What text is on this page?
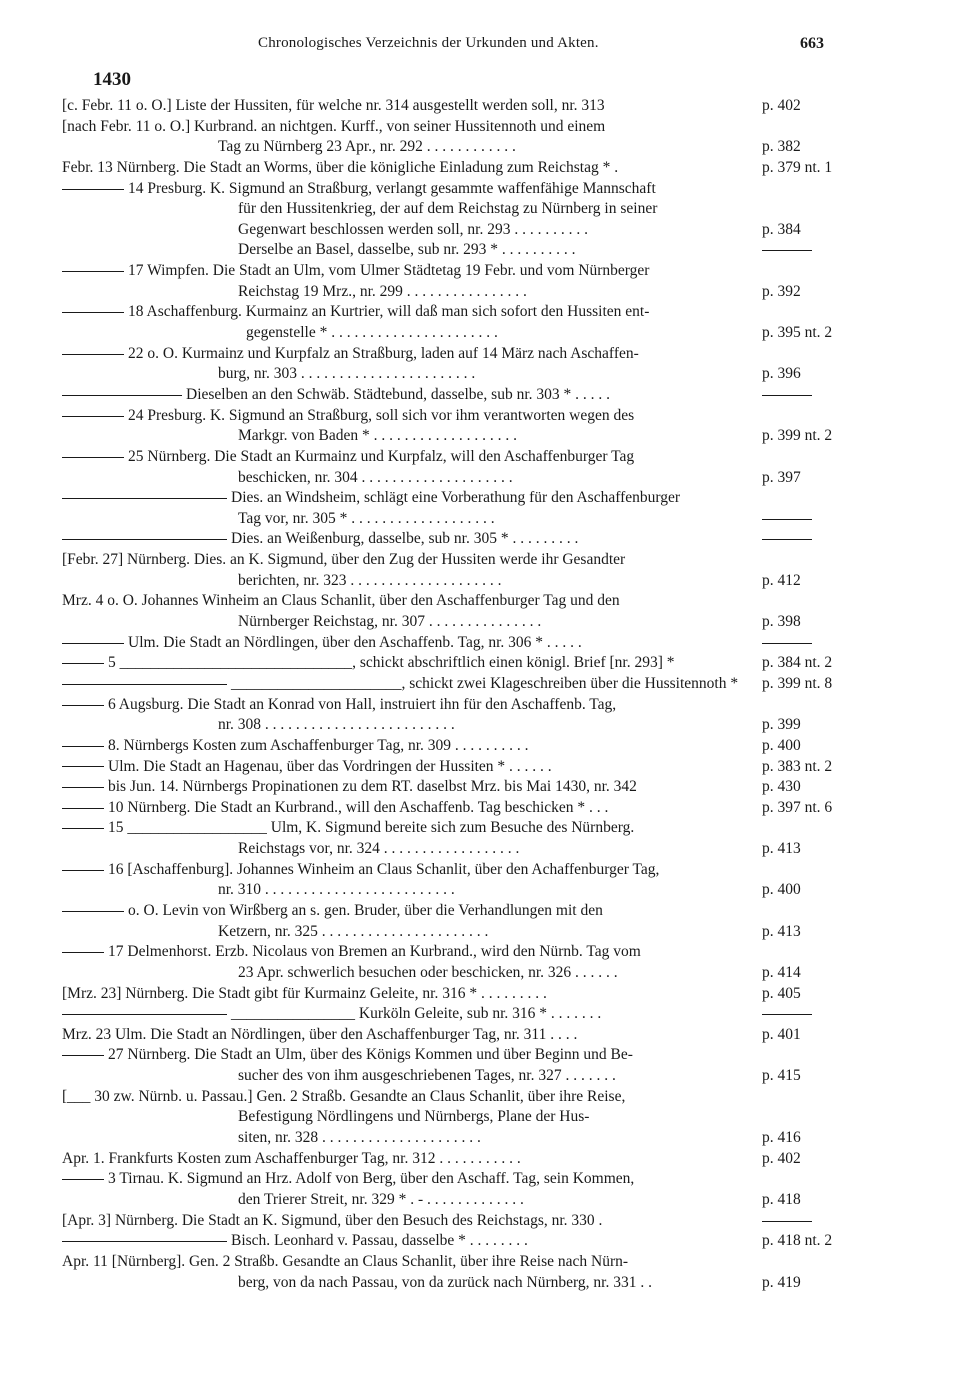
Chronologisches Verzeichnis der Urkunden und Akten.	663
1430
[c. Febr. 11 o. O.] Liste der Hussiten, für welche nr. 314 ausgestellt werden soll, nr. 313	p. 402
[nach Febr. 11 o. O.] Kurbrand. an nichtgen. Kurff., von seiner Hussitennoth und einem
Tag zu Nürnberg 23 Apr., nr. 292 . . . . . . . . . . . .	p. 382
Febr. 13 Nürnberg. Die Stadt an Worms, über die königliche Einladung zum Reichstag * .	p. 379 nt. 1
14 Presburg. K. Sigmund an Straßburg, verlangt gesammte waffenfähige Mannschaft
für den Hussitenkrieg, der auf dem Reichstag zu Nürnberg in seiner
Gegenwart beschlossen werden soll, nr. 293 . . . . . . . . . .	p. 384
Derselbe an Basel, dasselbe, sub nr. 293 * . . . . . . . . . .
17 Wimpfen. Die Stadt an Ulm, vom Ulmer Städtetag 19 Febr. und vom Nürnberger
Reichstag 19 Mrz., nr. 299 . . . . . . . . . . . . . . . .	p. 392
18 Aschaffenburg. Kurmainz an Kurtrier, will daß man sich sofort den Hussiten ent-
gegenstelle * . . . . . . . . . . . . . . . . . . . . . .	p. 395 nt. 2
22 o. O. Kurmainz und Kurpfalz an Straßburg, laden auf 14 März nach Aschaffen-
burg, nr. 303 . . . . . . . . . . . . . . . . . . . . . . .	p. 396
Dieselben an den Schwäb. Städtebund, dasselbe, sub nr. 303 * . . . . .
24 Presburg. K. Sigmund an Straßburg, soll sich vor ihm verantworten wegen des
Markgr. von Baden * . . . . . . . . . . . . . . . . . . .	p. 399 nt. 2
25 Nürnberg. Die Stadt an Kurmainz und Kurpfalz, will den Aschaffenburger Tag
beschicken, nr. 304 . . . . . . . . . . . . . . . . . . . .	p. 397
Dies. an Windsheim, schlägt eine Vorberathung für den Aschaffenburger
Tag vor, nr. 305 * . . . . . . . . . . . . . . . . . . .
Dies. an Weißenburg, dasselbe, sub nr. 305 * . . . . . . . . .
[Febr. 27] Nürnberg. Dies. an K. Sigmund, über den Zug der Hussiten werde ihr Gesandter
berichten, nr. 323 . . . . . . . . . . . . . . . . . . . .	p. 412
Mrz. 4 o. O. Johannes Winheim an Claus Schanlit, über den Aschaffenburger Tag und den
Nürnberger Reichstag, nr. 307 . . . . . . . . . . . . . . .	p. 398
Ulm. Die Stadt an Nördlingen, über den Aschaffenb. Tag, nr. 306 * . . . . .
5 ______________________________, schickt abschriftlich einen königl. Brief [nr. 293] *	p. 384 nt. 2
______________________, schickt zwei Klageschreiben über die Hussitennoth *	p. 399 nt. 8
6 Augsburg. Die Stadt an Konrad von Hall, instruiert ihn für den Aschaffenb. Tag,
nr. 308 . . . . . . . . . . . . . . . . . . . . . . . . .	p. 399
8. Nürnbergs Kosten zum Aschaffenburger Tag, nr. 309 . . . . . . . . . .	p. 400
Ulm. Die Stadt an Hagenau, über das Vordringen der Hussiten * . . . . . .	p. 383 nt. 2
bis Jun. 14. Nürnbergs Propinationen zu dem RT. daselbst Mrz. bis Mai 1430, nr. 342	p. 430
10 Nürnberg. Die Stadt an Kurbrand., will den Aschaffenb. Tag beschicken * . . .	p. 397 nt. 6
15 __________________ Ulm, K. Sigmund bereite sich zum Besuche des Nürnberg.
Reichstags vor, nr. 324 . . . . . . . . . . . . . . . . . .	p. 413
16 [Aschaffenburg]. Johannes Winheim an Claus Schanlit, über den Achaffenburger Tag,
nr. 310 . . . . . . . . . . . . . . . . . . . . . . . . .	p. 400
o. O. Levin von Wirßberg an s. gen. Bruder, über die Verhandlungen mit den
Ketzern, nr. 325 . . . . . . . . . . . . . . . . . . . . . .	p. 413
17 Delmenhorst. Erzb. Nicolaus von Bremen an Kurbrand., wird den Nürnb. Tag vom
23 Apr. schwerlich besuchen oder beschicken, nr. 326 . . . . . .	p. 414
[Mrz. 23] Nürnberg. Die Stadt gibt für Kurmainz Geleite, nr. 316 * . . . . . . . . .	p. 405
________________ Kurköln Geleite, sub nr. 316 * . . . . . . .
Mrz. 23 Ulm. Die Stadt an Nördlingen, über den Aschaffenburger Tag, nr. 311 . . . .	p. 401
27 Nürnberg. Die Stadt an Ulm, über des Königs Kommen und über Beginn und Be-
sucher des von ihm ausgeschriebenen Tages, nr. 327 . . . . . . .	p. 415
[___ 30 zw. Nürnb. u. Passau.] Gen. 2 Straßb. Gesandte an Claus Schanlit, über ihre Reise,
Befestigung Nördlingens und Nürnbergs, Plane der Hus-
siten, nr. 328 . . . . . . . . . . . . . . . . . . . . .	p. 416
Apr. 1. Frankfurts Kosten zum Aschaffenburger Tag, nr. 312 . . . . . . . . . . .	p. 402
3 Tirnau. K. Sigmund an Hrz. Adolf von Berg, über den Aschaff. Tag, sein Kommen,
den Trierer Streit, nr. 329 * . - . . . . . . . . . . . . .	p. 418
[Apr. 3] Nürnberg. Die Stadt an K. Sigmund, über den Besuch des Reichstags, nr. 330 .
Bisch. Leonhard v. Passau, dasselbe * . . . . . . . .	p. 418 nt. 2
Apr. 11 [Nürnberg]. Gen. 2 Straßb. Gesandte an Claus Schanlit, über ihre Reise nach Nürn-
berg, von da nach Passau, von da zurück nach Nürnberg, nr. 331 . .	p. 419
